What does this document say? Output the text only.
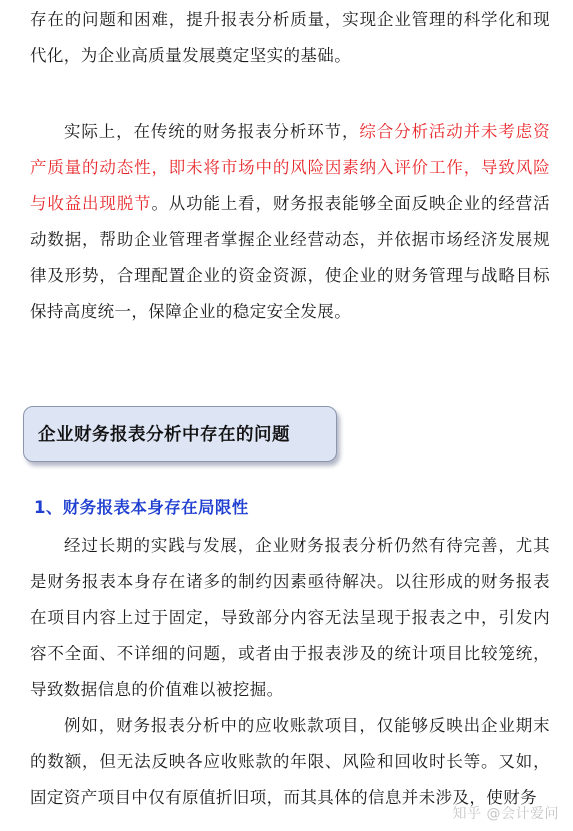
存在的问题和困难，提升报表分析质量，实现企业管理的科学化和现代化，为企业高质量发展奠定坚实的基础。

实际上，在传统的财务报表分析环节，综合分析活动并未考虑资产质量的动态性，即未将市场中的风险因素纳入评价工作，导致风险与收益出现脱节。从功能上看，财务报表能够全面反映企业的经营活动数据，帮助企业管理者掌握企业经营动态，并依据市场经济发展规律及形势，合理配置企业的资金资源，使企业的财务管理与战略目标保持高度统一，保障企业的稳定安全发展。

企业财务报表分析中存在的问题
1、财务报表本身存在局限性

经过长期的实践与发展，企业财务报表分析仍然有待完善，尤其是财务报表本身存在诸多的制约因素亟待解决。以往形成的财务报表在项目内容上过于固定，导致部分内容无法呈现于报表之中，引发内容不全面、不详细的问题，或者由于报表涉及的统计项目比较笼统，导致数据信息的价值难以被挖掘。

例如，财务报表分析中的应收账款项目，仅能够反映出企业期末的数额，但无法反映各应收账款的年限、风险和回收时长等。又如，固定资产项目中仅有原值折旧项，而其具体的信息并未涉及，使财务

知乎 @会计爱问
